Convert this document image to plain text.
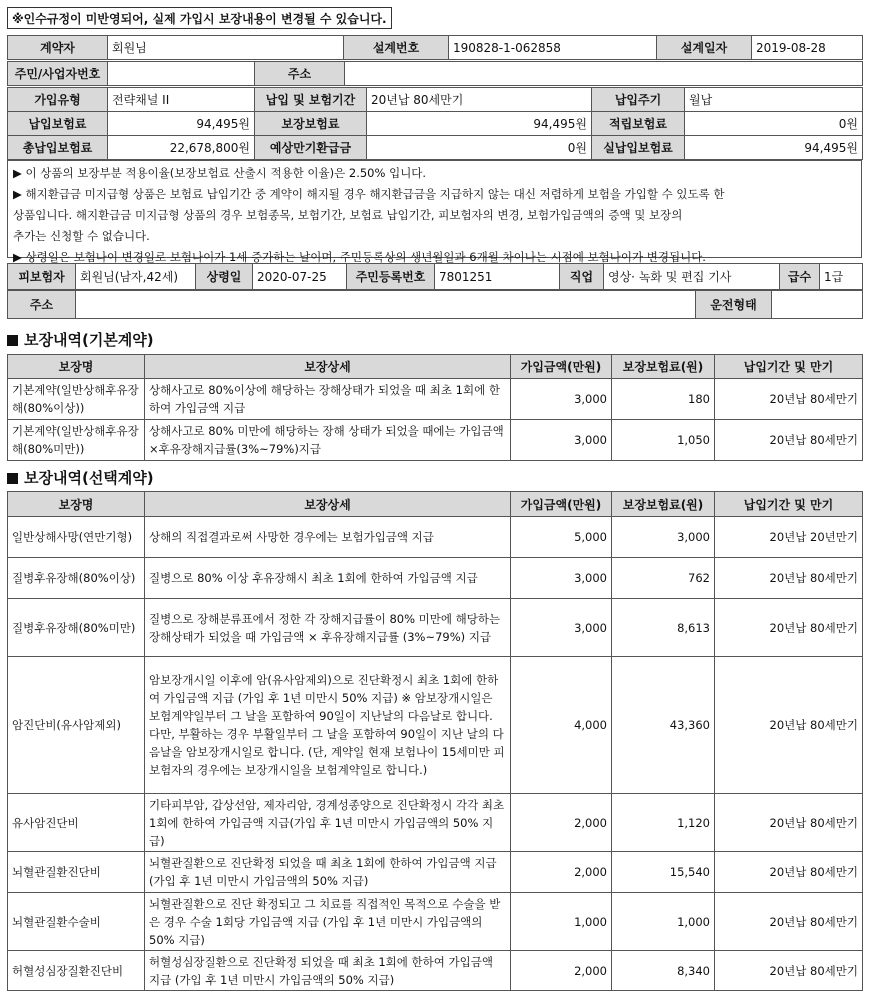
※인수규정이 미반영되어, 실제 가입시 보장내용이 변경될 수 있습니다.
계약자	회원님	설계번호	190828-1-062858	설계일자	2019-08-28
주민/사업자번호		주소	
가입유형	전략채널 II	납입 및 보험기간	20년납 80세만기	납입주기	월납
납입보험료	94,495원	보장보험료	94,495원	적립보험료	0원
총납입보험료	22,678,800원	예상만기환급금	0원	실납입보험료	94,495원

▶ 이 상품의 보장부분 적용이율(보장보험료 산출시 적용한 이율)은 2.50% 입니다.

▶ 해지환급금 미지급형 상품은 보험료 납입기간 중 계약이 해지될 경우 해지환급금을 지급하지 않는 대신 저렴하게 보험을 가입할 수 있도록 한

상품입니다. 해지환급금 미지급형 상품의 경우 보험종목, 보험기간, 보험료 납입기간, 피보험자의 변경, 보험가입금액의 증액 및 보장의

추가는 신청할 수 없습니다.

▶ 상령일은 보험나이 변경일로 보험나이가 1세 증가하는 날이며, 주민등록상의 생년월일과 6개월 차이나는 시점에 보험나이가 변경됩니다.

피보험자	회원님(남자,42세)	상령일	2020-07-25	주민등록번호	7801251	직업	영상· 녹화 및 편집 기사	급수	1급
주소		운전형태	
보장내역(기본계약)
보장명	보장상세	가입금액(만원)	보장보험료(원)	납입기간 및 만기
기본계약(일반상해후유장해(80%이상))	상해사고로 80%이상에 해당하는 장해상태가 되었을 때 최초 1회에 한하여 가입금액 지급	3,000	180	20년납 80세만기
기본계약(일반상해후유장해(80%미만))	상해사고로 80% 미만에 해당하는 장해 상태가 되었을 때에는 가입금액×후유장해지급률(3%~79%)지급	3,000	1,050	20년납 80세만기
보장내역(선택계약)
보장명	보장상세	가입금액(만원)	보장보험료(원)	납입기간 및 만기
일반상해사망(연만기형)	상해의 직접결과로써 사망한 경우에는 보험가입금액 지급	5,000	3,000	20년납 20년만기
질병후유장해(80%이상)	질병으로 80% 이상 후유장해시 최초 1회에 한하여 가입금액 지급	3,000	762	20년납 80세만기
질병후유장해(80%미만)	질병으로 장해분류표에서 정한 각 장해지급률이 80% 미만에 해당하는 장해상태가 되었을 때 가입금액 × 후유장해지급률 (3%~79%) 지급	3,000	8,613	20년납 80세만기
암진단비(유사암제외)	암보장개시일 이후에 암(유사암제외)으로 진단확정시 최초 1회에 한하여 가입금액 지급 (가입 후 1년 미만시 50% 지급) ※ 암보장개시일은 보험계약일부터 그 날을 포함하여 90일이 지난날의 다음날로 합니다. 다만, 부활하는 경우 부활일부터 그 날을 포함하여 90일이 지난 날의 다음날을 암보장개시일로 합니다. (단, 계약일 현재 보험나이 15세미만 피보험자의 경우에는 보장개시일을 보험계약일로 합니다.)	4,000	43,360	20년납 80세만기
유사암진단비	기타피부암, 갑상선암, 제자리암, 경계성종양으로 진단확정시 각각 최초 1회에 한하여 가입금액 지급(가입 후 1년 미만시 가입금액의 50% 지급)	2,000	1,120	20년납 80세만기
뇌혈관질환진단비	뇌혈관질환으로 진단확정 되었을 때 최초 1회에 한하여 가입금액 지급 (가입 후 1년 미만시 가입금액의 50% 지급)	2,000	15,540	20년납 80세만기
뇌혈관질환수술비	뇌혈관질환으로 진단 확정되고 그 치료를 직접적인 목적으로 수술을 받은 경우 수술 1회당 가입금액 지급 (가입 후 1년 미만시 가입금액의 50% 지급)	1,000	1,000	20년납 80세만기
허혈성심장질환진단비	허혈성심장질환으로 진단확정 되었을 때 최초 1회에 한하여 가입금액 지급 (가입 후 1년 미만시 가입금액의 50% 지급)	2,000	8,340	20년납 80세만기
